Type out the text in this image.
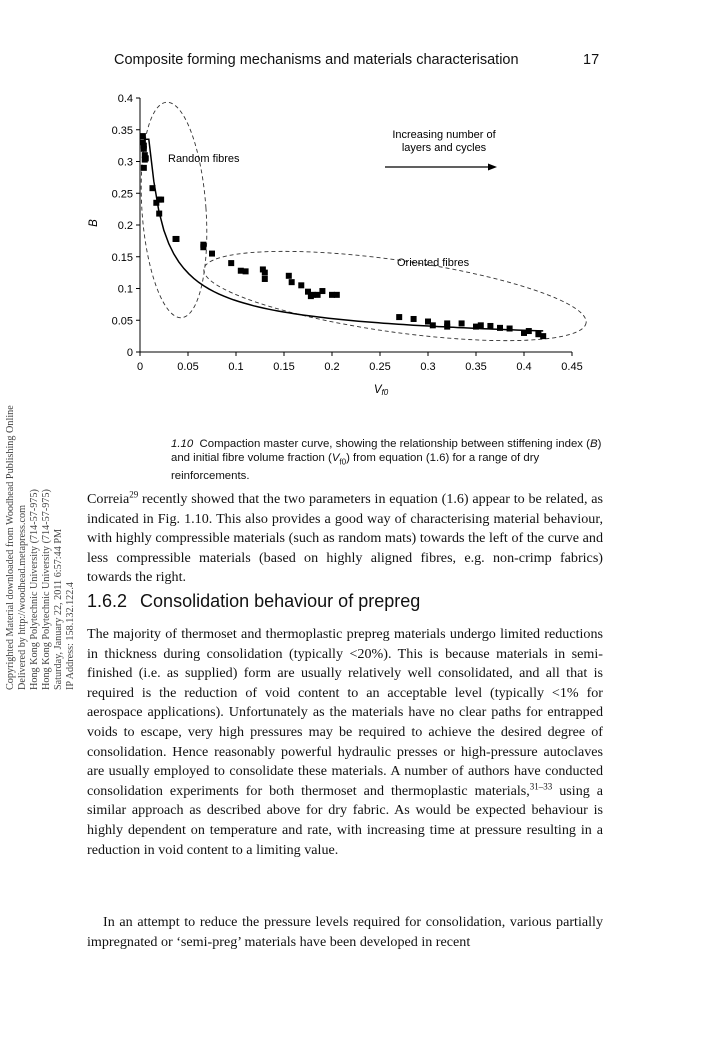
Composite forming mechanisms and materials characterisation	17
Copyrighted Material downloaded from Woodhead Publishing Online Delivered by http://woodhead.metapress.com Hong Kong Polytechnic University (714-57-975) Hong Kong Polytechnic University (714-57-975) Saturday, January 22, 2011 6:57:44 PM IP Address: 158.132.122.4
0
0.05
0.1
0.15
0.2
0.25
0.3
0.35
0.4
0	0.05	0.1	0.15	0.2	0.25	0.3	0.35	0.4	0.45
B
Vf0
Random fibres
Oriented fibres
Increasing number of
layers and cycles
1.10 Compaction master curve, showing the relationship between stiffening index (B) and initial fibre volume fraction $(V_{f0})$ from equation (1.6) for a range of dry reinforcements.
Correia$^{29}$ recently showed that the two parameters in equation (1.6) appear to be related, as indicated in Fig. 1.10. This also provides a good way of characterising material behaviour, with highly compressible materials (such as random mats) towards the left of the curve and less compressible materials (based on highly aligned fibres, e.g. non-crimp fabrics) towards the right.
1.6.2 Consolidation behaviour of prepreg
The majority of thermoset and thermoplastic prepreg materials undergo limited reductions in thickness during consolidation (typically <20%). This is because materials in semi-finished (i.e. as supplied) form are usually relatively well consolidated, and all that is required is the reduction of void content to an acceptable level (typically <1% for aerospace applications). Unfortunately as the materials have no clear paths for entrapped voids to escape, very high pressures may be required to achieve the desired degree of consolidation. Hence reasonably powerful hydraulic presses or high-pressure autoclaves are usually employed to consolidate these materials. A number of authors have conducted consolidation experiments for both thermoset and thermoplastic materials,$^{31-33}$ using a similar approach as described above for dry fabric. As would be expected behaviour is highly dependent on temperature and rate, with increasing time at pressure resulting in a reduction in void content to a limiting value.
In an attempt to reduce the pressure levels required for consolidation, various partially impregnated or ‘semi-preg’ materials have been developed in recent
